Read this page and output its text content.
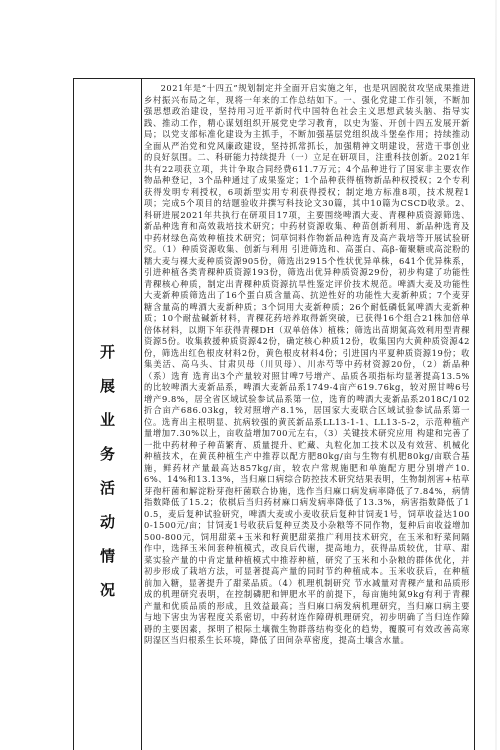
开
展
业
务
活
动
情
况

2021年是“十四五”规划制定并全面开启实施之年，也是巩固脱贫攻坚成果推进乡村振兴布局之年，现将一年来的工作总结如下。一、强化党建工作引领，不断加强思想政治建设，坚持用习近平新时代中国特色社会主义思想武装头脑、指导实践、推动工作，精心谋划组织开展党史学习教育，以史为鉴、开创十四五发展开新局；以党支部标准化建设为主抓手，不断加强基层党组织战斗堡垒作用；持续推动全面从严治党和党风廉政建设，坚持抓常抓长，加强精神文明建设，营造干事创业的良好氛围。二、科研能力持续提升（一）立足在研项目，注重科技创新。2021年共有22项获立项，共计争取合同经费611.7万元；4个品种进行了国家非主要农作物品种登记，3个品种通过了成果鉴定；1个品种获得植物新品种权授权；2个专利获得发明专利授权，6项新型实用专利获得授权；制定地方标准8项，技术规程1项；完成5个项目的结题验收并撰写科技论文30篇，其中10篇为CSCD收录。2、科研进展2021年共执行在研项目17项，主要围绕啤酒大麦、青稞种质资源筛选、新品种选育和高效栽培技术研究；中药材资源收集、种苗创新利用、新品种选育及中药材绿色高效种植技术研究；饲草饲料作物新品种选育及高产栽培等开展试验研究。（1）种质资源收集、创新与利用 引进筛选和、高蛋白、高β-葡聚糖或高淀粉的糯大麦与裸大麦种质资源905份，筛选出2915个性状优异单株，641个优异株系，引进种植各类青稞种质资源193份，筛选出优异种质资源29份，初步构建了功能性青稞核心种质，制定出青稞种质资源抗旱性鉴定评价技术规范。啤酒大麦及功能性大麦新种质筛选出了16个蛋白质含量高、抗逆性好的功能性大麦新种质；7个麦芽糖含量高的啤酒大麦新种质；3个饲用大麦新种质；26个耐低磷低氮啤酒大麦新种质；10个耐盐碱新材料，青稞花药培养取得新突破，已获得16个组合21株加倍单倍体材料，以期下年获得青稞DH（双单倍体）植株；筛选出苗期氮高效利用型青稞资源5份。收集救援种质资源42份，确定核心种质12份，收集国内大黄种质资源42份，筛选出红色根皮材料2份，黄色根皮材料4份；引进国内平夏种质资源19份；收集美活、高乌头、甘肃贝母（川贝母）、川赤芍等中药材资源20份，（2）新品种（系）选育 选育出3个产量较对照甘啤7号增产、品质各项指标均显著提高13.5%的比较啤酒大麦新品系，啤酒大麦新品系1749-4亩产619.76kg，较对照甘啤6号增产9.8%，居全省区域试验参试品系第一位，选育的啤酒大麦新品系2018C/102折合亩产686.03kg，较对照增产8.1%，居国家大麦联合区域试验参试品系第一位。选育出主根明显、抗病较强的黄芪新品系LL13-1-1、LL13-5-2，示范种植产量增加7.30%以上，亩收益增加700元左右，（3）关键技术研究应用 构建和完善了一批中药材种子种苗繁育、质量提升、贮藏、丸粒化加工技术以及有效营、机械化种植技术，在黄芪种植生产中推荐以配方肥80kg/亩与生物有机肥80kg/亩联合基施，鲜药材产量最高达857kg/亩，较农户常规施肥和单施配方肥分别增产10.6%、14%和13.13%，当归麻口病综合防控技术研究结果表明，生物制剂害+枯草芽孢杆菌和解淀粉芽孢杆菌联合协施，选作当归麻口病发病率降低了7.84%，病情指数降低了15.2；依棋后当归药材麻口病发病率降低了13.3%，病害指数降低了10.5，麦后复种试验研究，啤酒大麦或小麦收获后复种甘饲麦1号，饲草收益达1000-1500元/亩；甘饲麦1号收获后复种豆类及小杂粮等不同作物，复种后亩收益增加500-800元，饲用甜菜+玉米和籽黄肥甜菜推广利用技术研究，在玉米和籽菜间隔作中，选择玉米间套种植模式，改良后代谢，提高地力，获得品质较优，甘草、甜菜实验产量的中肯定量种植模式中推荐种植，研究了玉米和小杂粮的群体优化，并初步形成了栽培方法，可显著提高产量的同时节约种植成本。玉米收获后，在种植前加入糖，显著提升了甜菜品质。（4）机理机制研究 节水减量对青稞产量和品质形成的机理研究表明，在控制磷肥和钾肥水平的前提下，每亩施纯氮9kg有利于青稞产量和优质品质的形成，且效益最高；当归麻口病发病机理研究，当归麻口病主要与地下害虫为害程度关系密切，中药材连作障碍机理研究，初步明确了当归连作障碍的主要因素，探明了根际土壤微生物群落结构变化的趋势，覆膜可有效改善高寒阴湿区当归根系生长环境，降低了田间杂草密度，提高土壤含水量。
